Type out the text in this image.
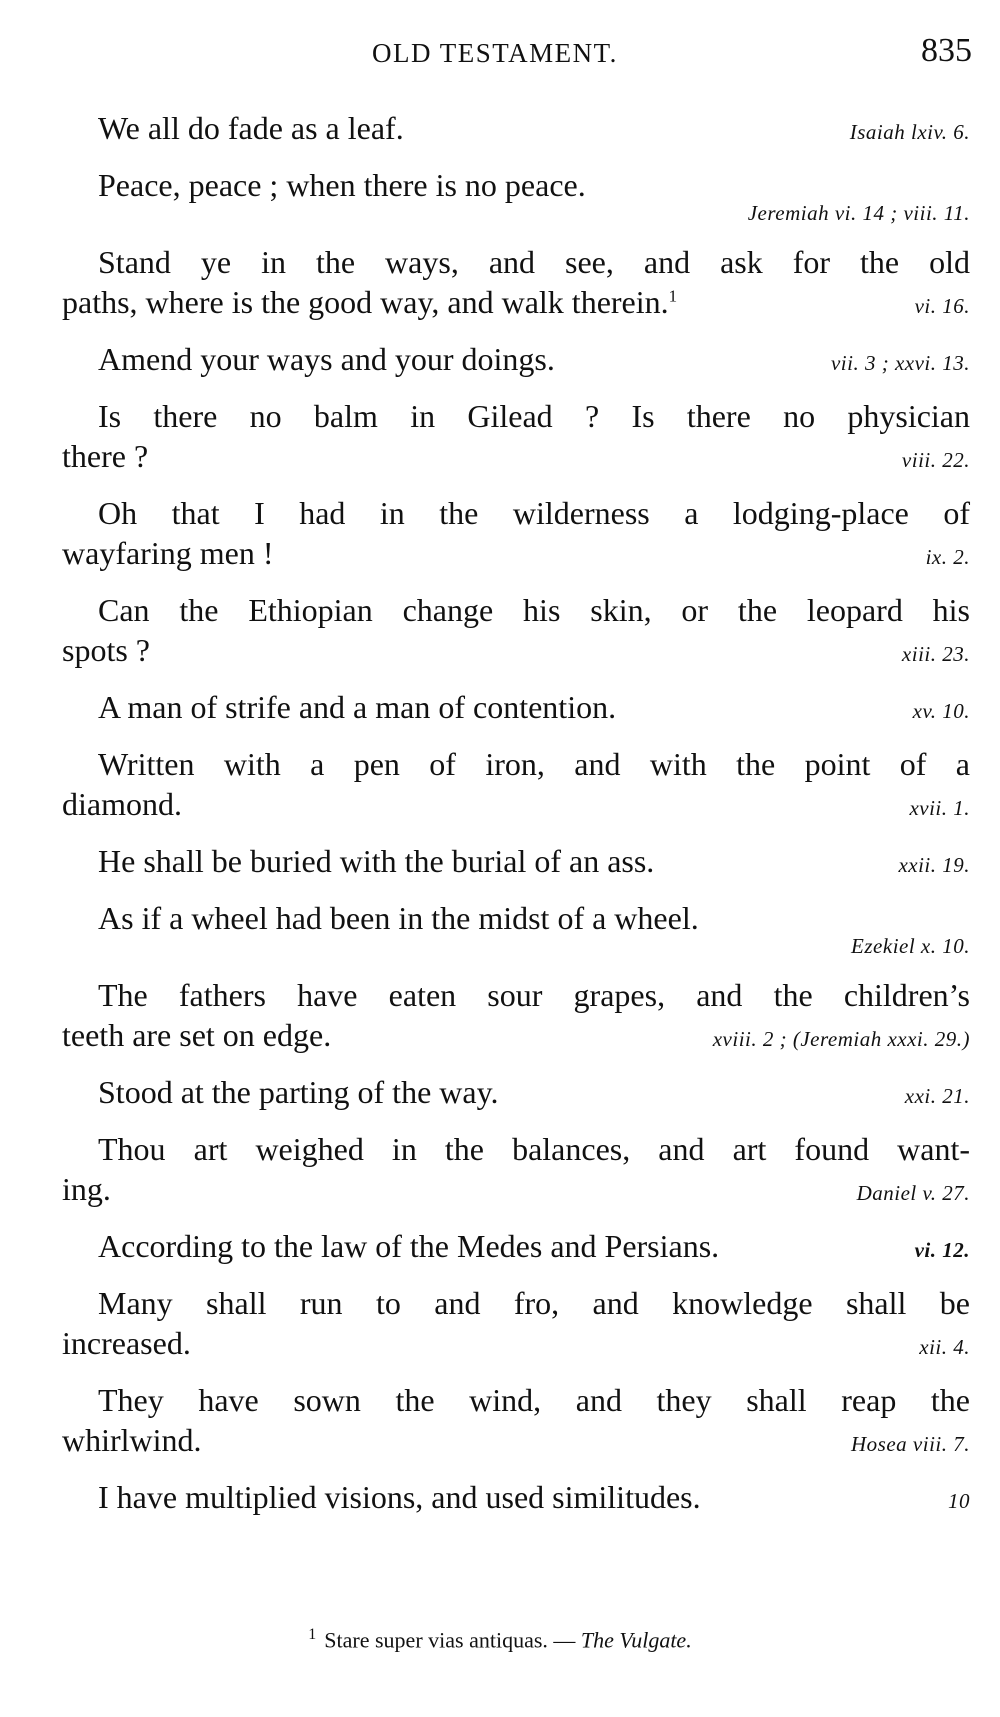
OLD TESTAMENT.	835
We all do fade as a leaf.	Isaiah lxiv. 6.
Peace, peace ; when there is no peace.
Jeremiah vi. 14 ; viii. 11.
Stand ye in the ways, and see, and ask for the old
paths, where is the good way, and walk therein.$^1$	vi. 16.
Amend your ways and your doings.	vii. 3 ; xxvi. 13.
Is there no balm in Gilead ? Is there no physician
there ?	viii. 22.
Oh that I had in the wilderness a lodging-place of
wayfaring men !	ix. 2.
Can the Ethiopian change his skin, or the leopard his
spots ?	xiii. 23.
A man of strife and a man of contention.	xv. 10.
Written with a pen of iron, and with the point of a
diamond.	xvii. 1.
He shall be buried with the burial of an ass.	xxii. 19.
As if a wheel had been in the midst of a wheel.
Ezekiel x. 10.
The fathers have eaten sour grapes, and the children’s
teeth are set on edge.	xviii. 2 ; (Jeremiah xxxi. 29.)
Stood at the parting of the way.	xxi. 21.
Thou art weighed in the balances, and art found want-
ing.	Daniel v. 27.
According to the law of the Medes and Persians.	vi. 12.
Many shall run to and fro, and knowledge shall be
increased.	xii. 4.
They have sown the wind, and they shall reap the
whirlwind.	Hosea viii. 7.
I have multiplied visions, and used similitudes.	10
$^1$ Stare super vias antiquas. — The Vulgate.
